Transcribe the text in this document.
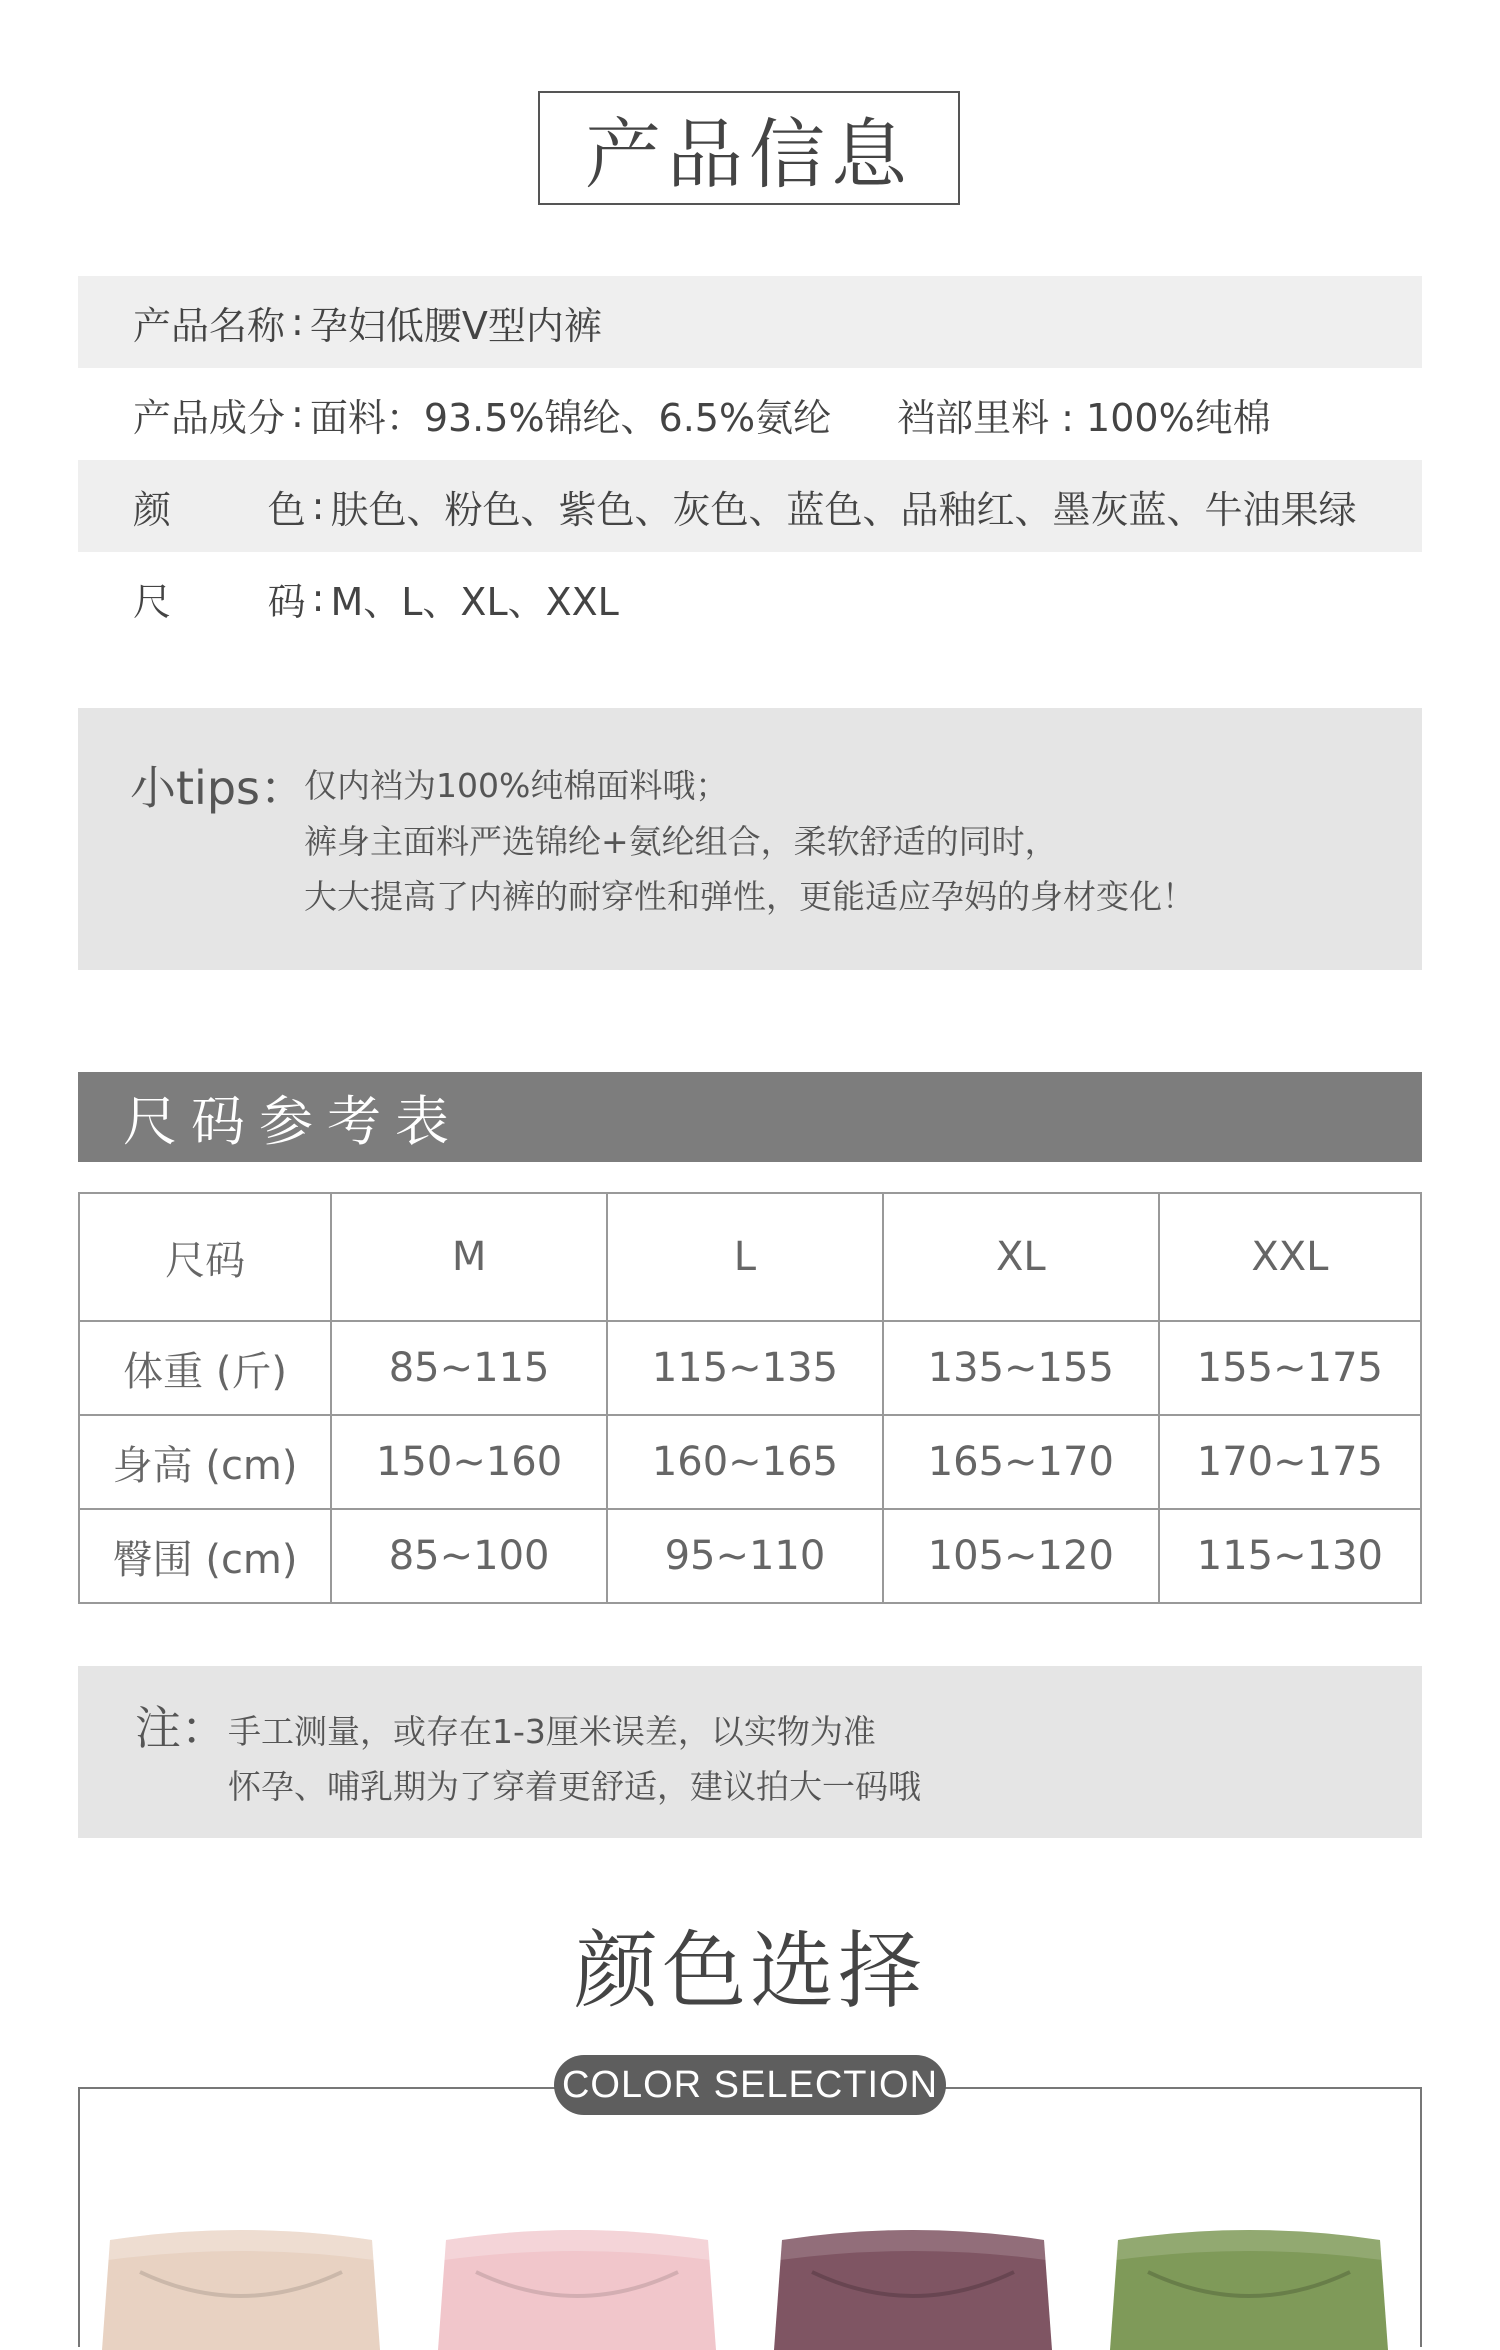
产品信息
产品名称 : 孕妇低腰V型内裤
产品成分 : 面料：93.5%锦纶、6.5%氨纶 裆部里料 : 100%纯棉
颜        色 : 肤色、粉色、紫色、灰色、蓝色、品釉红、墨灰蓝、牛油果绿
尺        码 : M、L、XL、XXL
小tips：
仅内裆为100%纯棉面料哦；
裤身主面料严选锦纶+氨纶组合，柔软舒适的同时，
大大提高了内裤的耐穿性和弹性，更能适应孕妈的身材变化！
尺码参考表
尺码	M	L	XL	XXL
体重 (斤)	85~115	115~135	135~155	155~175
身高 (cm)	150~160	160~165	165~170	170~175
臀围 (cm)	85~100	95~110	105~120	115~130
注： 手工测量，或存在1-3厘米误差，以实物为准
怀孕、哺乳期为了穿着更舒适，建议拍大一码哦
颜色选择
COLOR SELECTION
